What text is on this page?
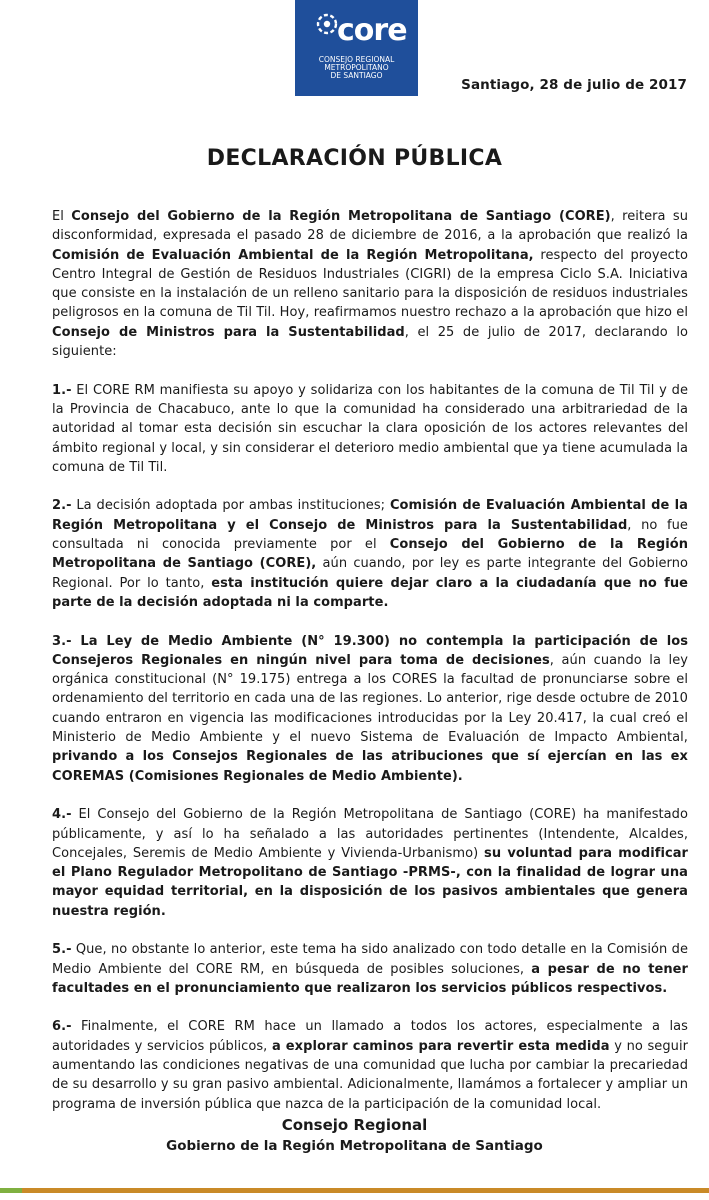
core
CONSEJO REGIONAL
METROPOLITANO
DE SANTIAGO
Santiago, 28 de julio de 2017
DECLARACIÓN PÚBLICA

El Consejo del Gobierno de la Región Metropolitana de Santiago (CORE), reitera su disconformidad, expresada el pasado 28 de diciembre de 2016, a la aprobación que realizó la Comisión de Evaluación Ambiental de la Región Metropolitana, respecto del proyecto Centro Integral de Gestión de Residuos Industriales (CIGRI) de la empresa Ciclo S.A. Iniciativa que consiste en la instalación de un relleno sanitario para la disposición de residuos industriales peligrosos en la comuna de Til Til. Hoy, reafirmamos nuestro rechazo a la aprobación que hizo el Consejo de Ministros para la Sustentabilidad, el 25 de julio de 2017, declarando lo siguiente:

1.- El CORE RM manifiesta su apoyo y solidariza con los habitantes de la comuna de Til Til y de la Provincia de Chacabuco, ante lo que la comunidad ha considerado una arbitrariedad de la autoridad al tomar esta decisión sin escuchar la clara oposición de los actores relevantes del ámbito regional y local, y sin considerar el deterioro medio ambiental que ya tiene acumulada la comuna de Til Til.

2.- La decisión adoptada por ambas instituciones; Comisión de Evaluación Ambiental de la Región Metropolitana y el Consejo de Ministros para la Sustentabilidad, no fue consultada ni conocida previamente por el Consejo del Gobierno de la Región Metropolitana de Santiago (CORE), aún cuando, por ley es parte integrante del Gobierno Regional. Por lo tanto, esta institución quiere dejar claro a la ciudadanía que no fue parte de la decisión adoptada ni la comparte.

3.- La Ley de Medio Ambiente (N° 19.300) no contempla la participación de los Consejeros Regionales en ningún nivel para toma de decisiones, aún cuando la ley orgánica constitucional (N° 19.175) entrega a los CORES la facultad de pronunciarse sobre el ordenamiento del territorio en cada una de las regiones. Lo anterior, rige desde octubre de 2010 cuando entraron en vigencia las modificaciones introducidas por la Ley 20.417, la cual creó el Ministerio de Medio Ambiente y el nuevo Sistema de Evaluación de Impacto Ambiental, privando a los Consejos Regionales de las atribuciones que sí ejercían en las ex COREMAS (Comisiones Regionales de Medio Ambiente).

4.- El Consejo del Gobierno de la Región Metropolitana de Santiago (CORE) ha manifestado públicamente, y así lo ha señalado a las autoridades pertinentes (Intendente, Alcaldes, Concejales, Seremis de Medio Ambiente y Vivienda-Urbanismo) su voluntad para modificar el Plano Regulador Metropolitano de Santiago -PRMS-, con la finalidad de lograr una mayor equidad territorial, en la disposición de los pasivos ambientales que genera nuestra región.

5.- Que, no obstante lo anterior, este tema ha sido analizado con todo detalle en la Comisión de Medio Ambiente del CORE RM, en búsqueda de posibles soluciones, a pesar de no tener facultades en el pronunciamiento que realizaron los servicios públicos respectivos.

6.- Finalmente, el CORE RM hace un llamado a todos los actores, especialmente a las autoridades y servicios públicos, a explorar caminos para revertir esta medida y no seguir aumentando las condiciones negativas de una comunidad que lucha por cambiar la precariedad de su desarrollo y su gran pasivo ambiental. Adicionalmente, llamámos a fortalecer y ampliar un programa de inversión pública que nazca de la participación de la comunidad local.

Consejo Regional
Gobierno de la Región Metropolitana de Santiago
